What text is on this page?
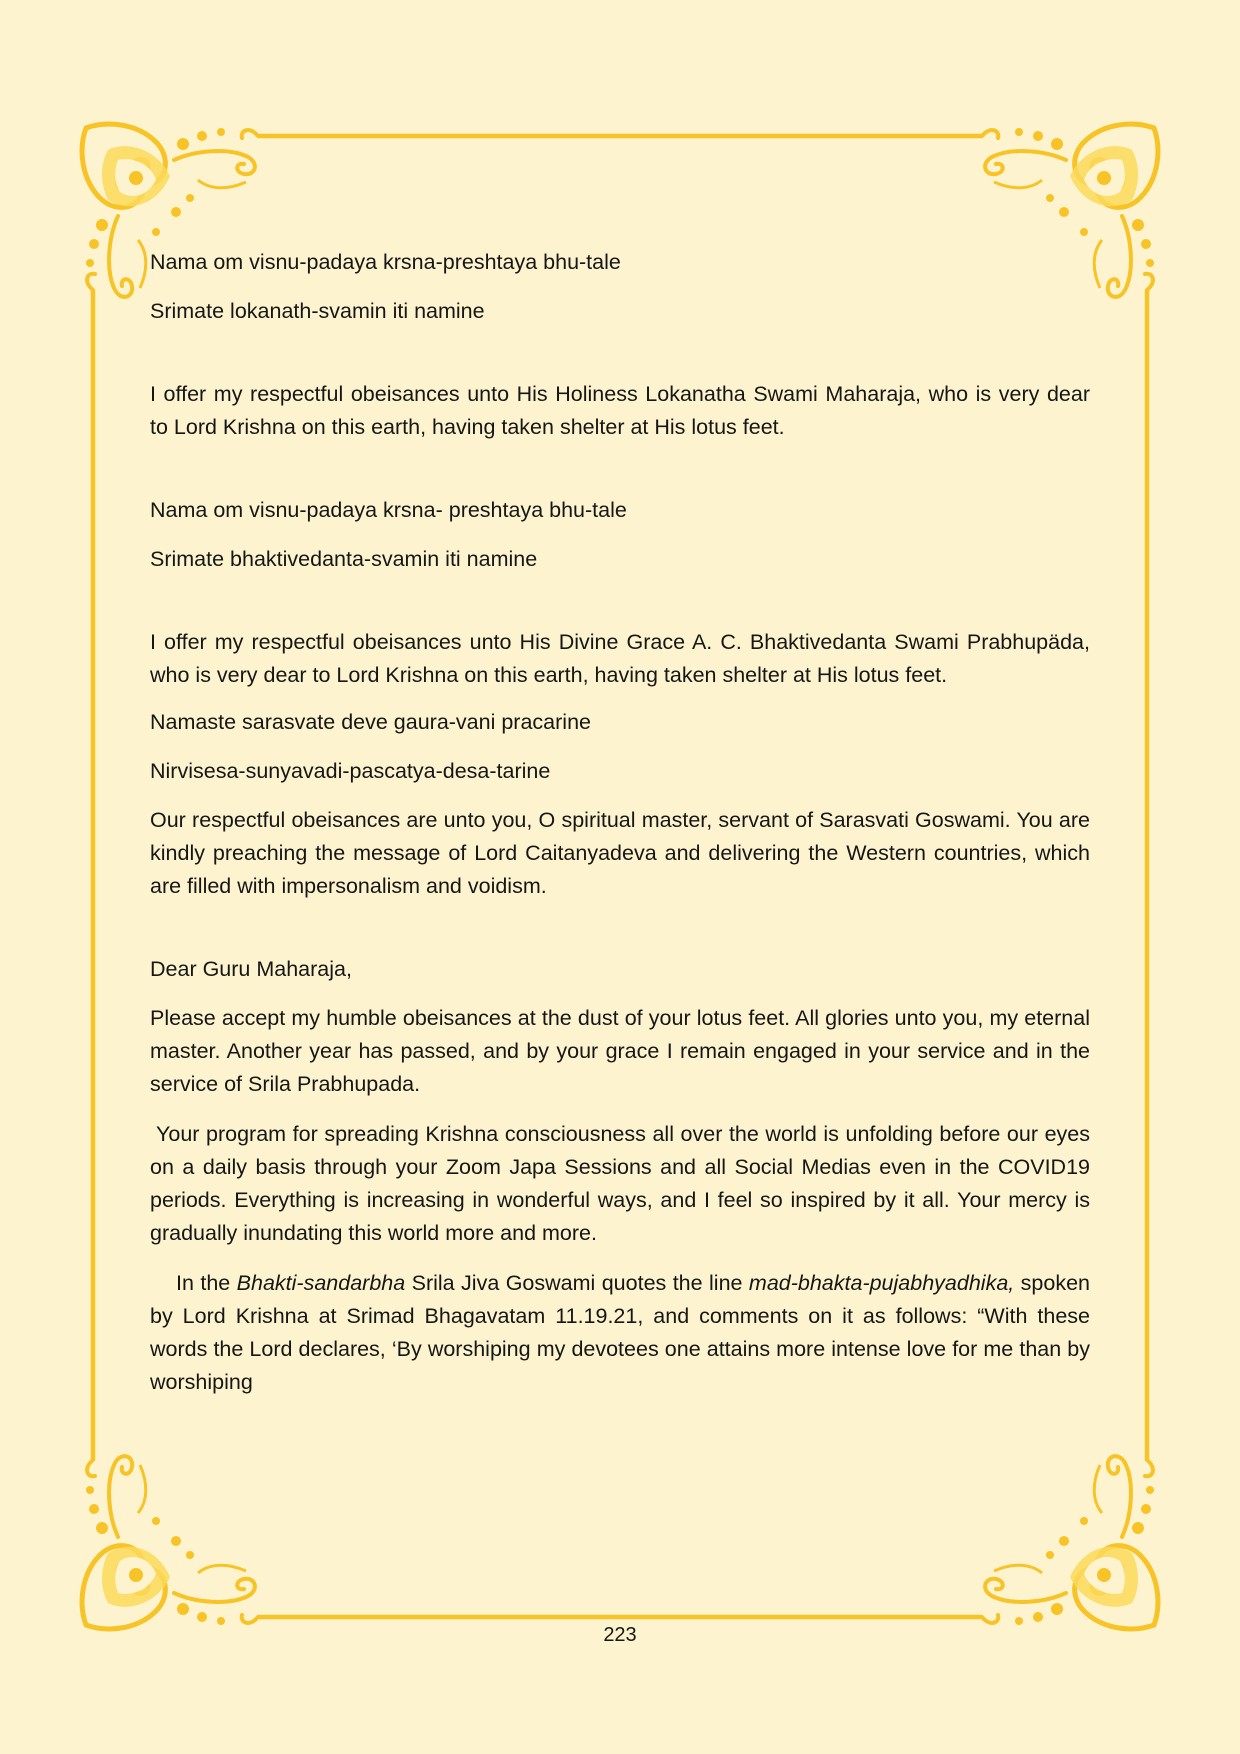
Nama om visnu-padaya krsna-preshtaya bhu-tale

Srimate lokanath-svamin iti namine

I offer my respectful obeisances unto His Holiness Lokanatha Swami Maharaja, who is very dear to Lord Krishna on this earth, having taken shelter at His lotus feet.

Nama om visnu-padaya krsna- preshtaya bhu-tale

Srimate bhaktivedanta-svamin iti namine

I offer my respectful obeisances unto His Divine Grace A. C. Bhaktivedanta Swami Prabhupäda, who is very dear to Lord Krishna on this earth, having taken shelter at His lotus feet.

Namaste sarasvate deve gaura-vani pracarine

Nirvisesa-sunyavadi-pascatya-desa-tarine

Our respectful obeisances are unto you, O spiritual master, servant of Sarasvati Goswami. You are kindly preaching the message of Lord Caitanyadeva and delivering the Western countries, which are filled with impersonalism and voidism.

Dear Guru Maharaja,

Please accept my humble obeisances at the dust of your lotus feet. All glories unto you, my eternal master. Another year has passed, and by your grace I remain engaged in your service and in the service of Srila Prabhupada.

Your program for spreading Krishna consciousness all over the world is unfolding before our eyes on a daily basis through your Zoom Japa Sessions and all Social Medias even in the COVID19 periods. Everything is increasing in wonderful ways, and I feel so inspired by it all. Your mercy is gradually inundating this world more and more.

In the Bhakti-sandarbha Srila Jiva Goswami quotes the line mad-bhakta-pujabhyadhika, spoken by Lord Krishna at Srimad Bhagavatam 11.19.21, and comments on it as follows: “With these words the Lord declares, ‘By worshiping my devotees one attains more intense love for me than by worshiping

223
